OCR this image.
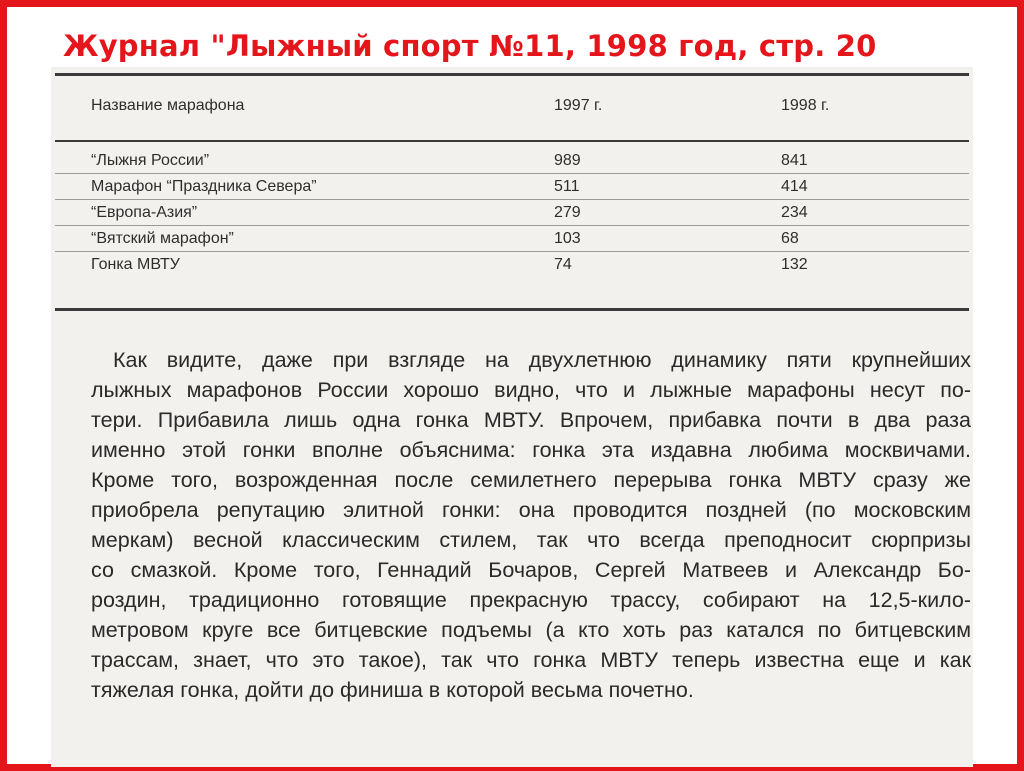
Журнал "Лыжный спорт №11, 1998 год, стр. 20
Название марафона	1997 г.	1998 г.
“Лыжня России”	989	841
Марафон “Праздника Севера”	511	414
“Европа-Азия”	279	234
“Вятский марафон”	103	68
Гонка МВТУ	74	132
Как видите, даже при взгляде на двухлетнюю динамику пяти крупнейших
лыжных марафонов России хорошо видно, что и лыжные марафоны несут по-
тери. Прибавила лишь одна гонка МВТУ. Впрочем, прибавка почти в два раза
именно этой гонки вполне объяснима: гонка эта издавна любима москвичами.
Кроме того, возрожденная после семилетнего перерыва гонка МВТУ сразу же
приобрела репутацию элитной гонки: она проводится поздней (по московским
меркам) весной классическим стилем, так что всегда преподносит сюрпризы
со смазкой. Кроме того, Геннадий Бочаров, Сергей Матвеев и Александр Бо-
роздин, традиционно готовящие прекрасную трассу, собирают на 12,5-кило-
метровом круге все битцевские подъемы (а кто хоть раз катался по битцевским
трассам, знает, что это такое), так что гонка МВТУ теперь известна еще и как
тяжелая гонка, дойти до финиша в которой весьма почетно.
